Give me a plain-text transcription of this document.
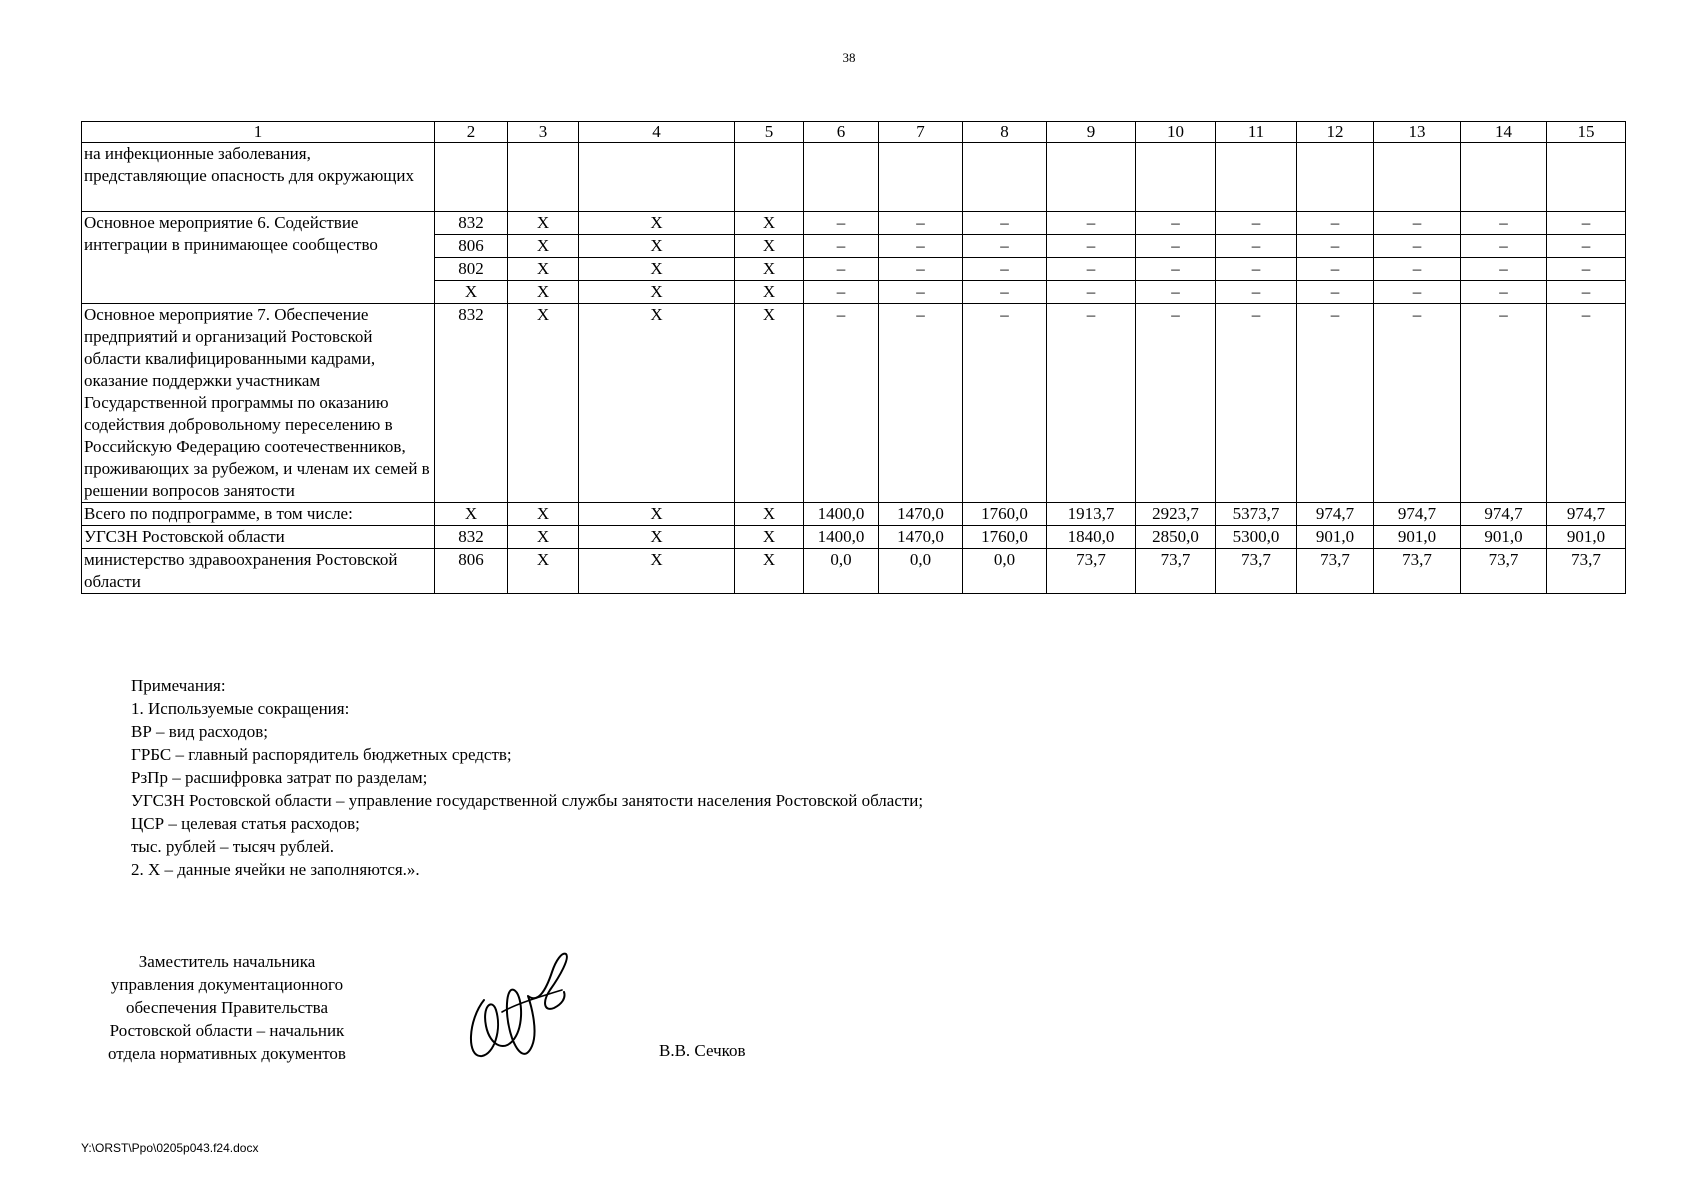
38
1	2	3	4	5	6	7	8	9	10	11	12	13	14	15
на инфекционные заболевания, представляющие опасность для окружающих														
Основное мероприятие 6. Содействие интеграции в принимающее сообщество	832	X	X	X	–	–	–	–	–	–	–	–	–	–
	806	X	X	X	–	–	–	–	–	–	–	–	–	–
	802	X	X	X	–	–	–	–	–	–	–	–	–	–
	X	X	X	X	–	–	–	–	–	–	–	–	–	–
Основное мероприятие 7. Обеспечение предприятий и организаций Ростовской области квалифицированными кадрами, оказание поддержки участникам Государственной программы по оказанию содействия добровольному переселению в Российскую Федерацию соотечественников, проживающих за рубежом, и членам их семей в решении вопросов занятости	832	X	X	X	–	–	–	–	–	–	–	–	–	–
Всего по подпрограмме, в том числе:	X	X	X	X	1400,0	1470,0	1760,0	1913,7	2923,7	5373,7	974,7	974,7	974,7	974,7
УГСЗН Ростовской области	832	X	X	X	1400,0	1470,0	1760,0	1840,0	2850,0	5300,0	901,0	901,0	901,0	901,0
министерство здравоохранения Ростовской области	806	X	X	X	0,0	0,0	0,0	73,7	73,7	73,7	73,7	73,7	73,7	73,7
Примечания:
1. Используемые сокращения:
ВР – вид расходов;
ГРБС – главный распорядитель бюджетных средств;
РзПр – расшифровка затрат по разделам;
УГСЗН Ростовской области – управление государственной службы занятости населения Ростовской области;
ЦСР – целевая статья расходов;
тыс. рублей – тысяч рублей.
2. Х – данные ячейки не заполняются.».
Заместитель начальника
управления документационного
обеспечения Правительства
Ростовской области – начальник
отдела нормативных документов	В.В. Сечков
Y:\ORST\Ppo\0205p043.f24.docx
